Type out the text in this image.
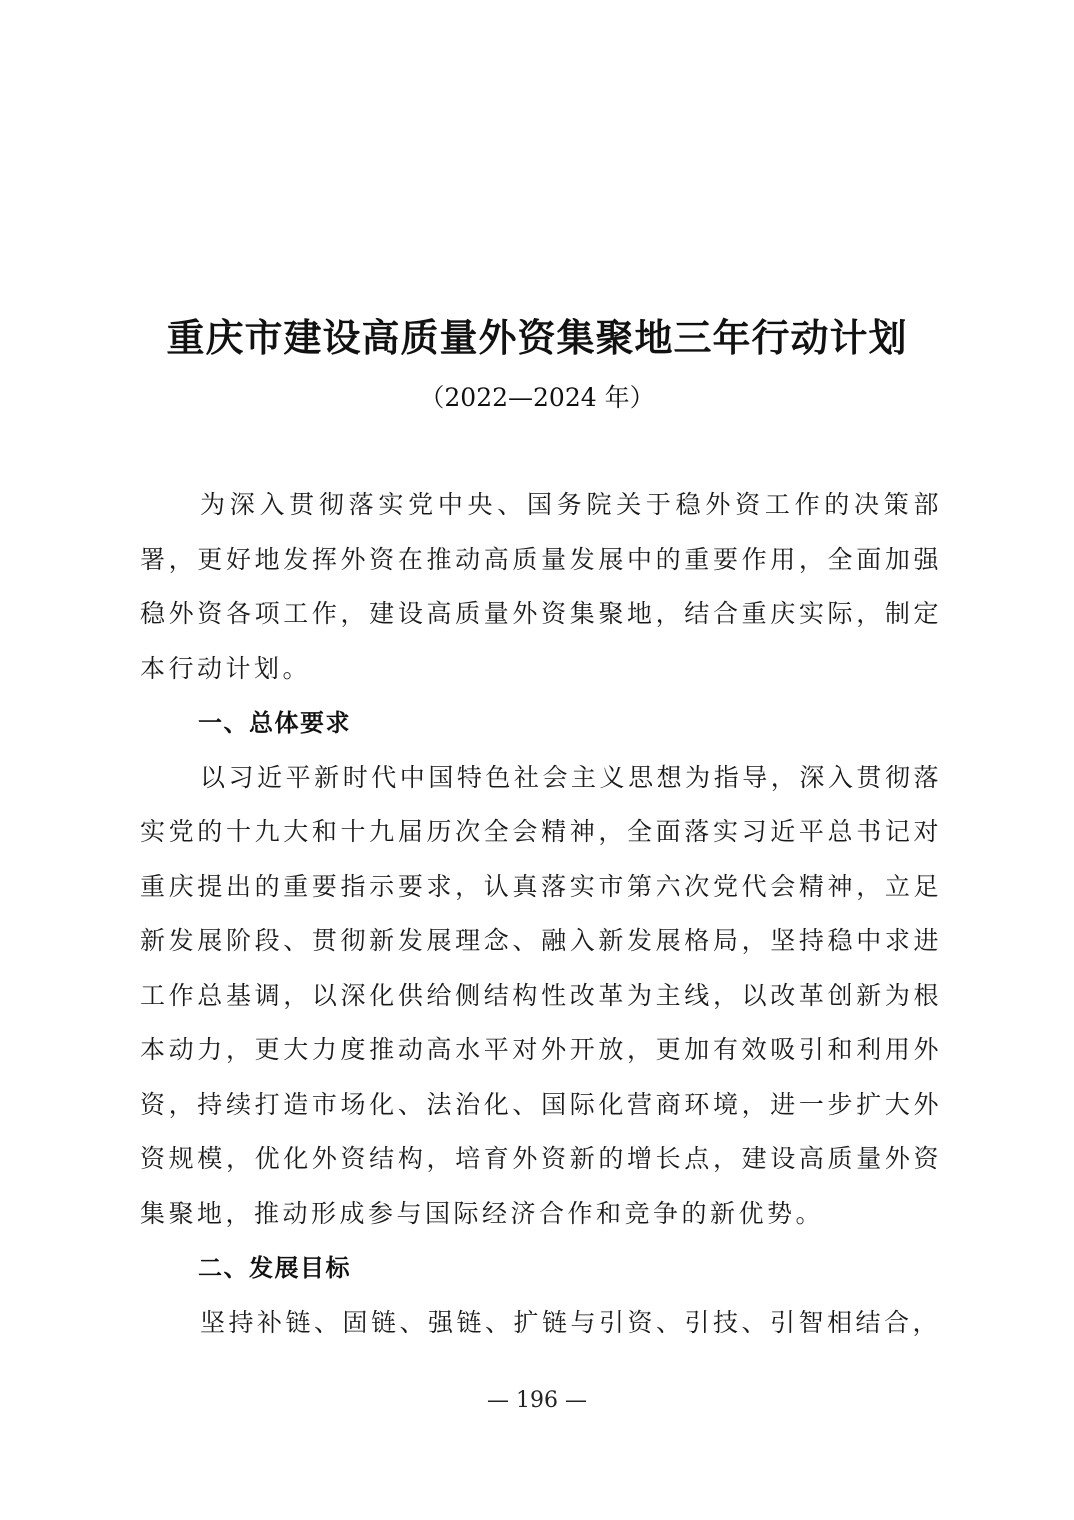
重庆市建设高质量外资集聚地三年行动计划
（2022—2024 年）

为深入贯彻落实党中央、国务院关于稳外资工作的决策部署，更好地发挥外资在推动高质量发展中的重要作用，全面加强稳外资各项工作，建设高质量外资集聚地，结合重庆实际，制定本行动计划。

一、总体要求

以习近平新时代中国特色社会主义思想为指导，深入贯彻落实党的十九大和十九届历次全会精神，全面落实习近平总书记对重庆提出的重要指示要求，认真落实市第六次党代会精神，立足新发展阶段、贯彻新发展理念、融入新发展格局，坚持稳中求进工作总基调，以深化供给侧结构性改革为主线，以改革创新为根本动力，更大力度推动高水平对外开放，更加有效吸引和利用外资，持续打造市场化、法治化、国际化营商环境，进一步扩大外资规模，优化外资结构，培育外资新的增长点，建设高质量外资集聚地，推动形成参与国际经济合作和竞争的新优势。

二、发展目标

坚持补链、固链、强链、扩链与引资、引技、引智相结合，

— 196 —
